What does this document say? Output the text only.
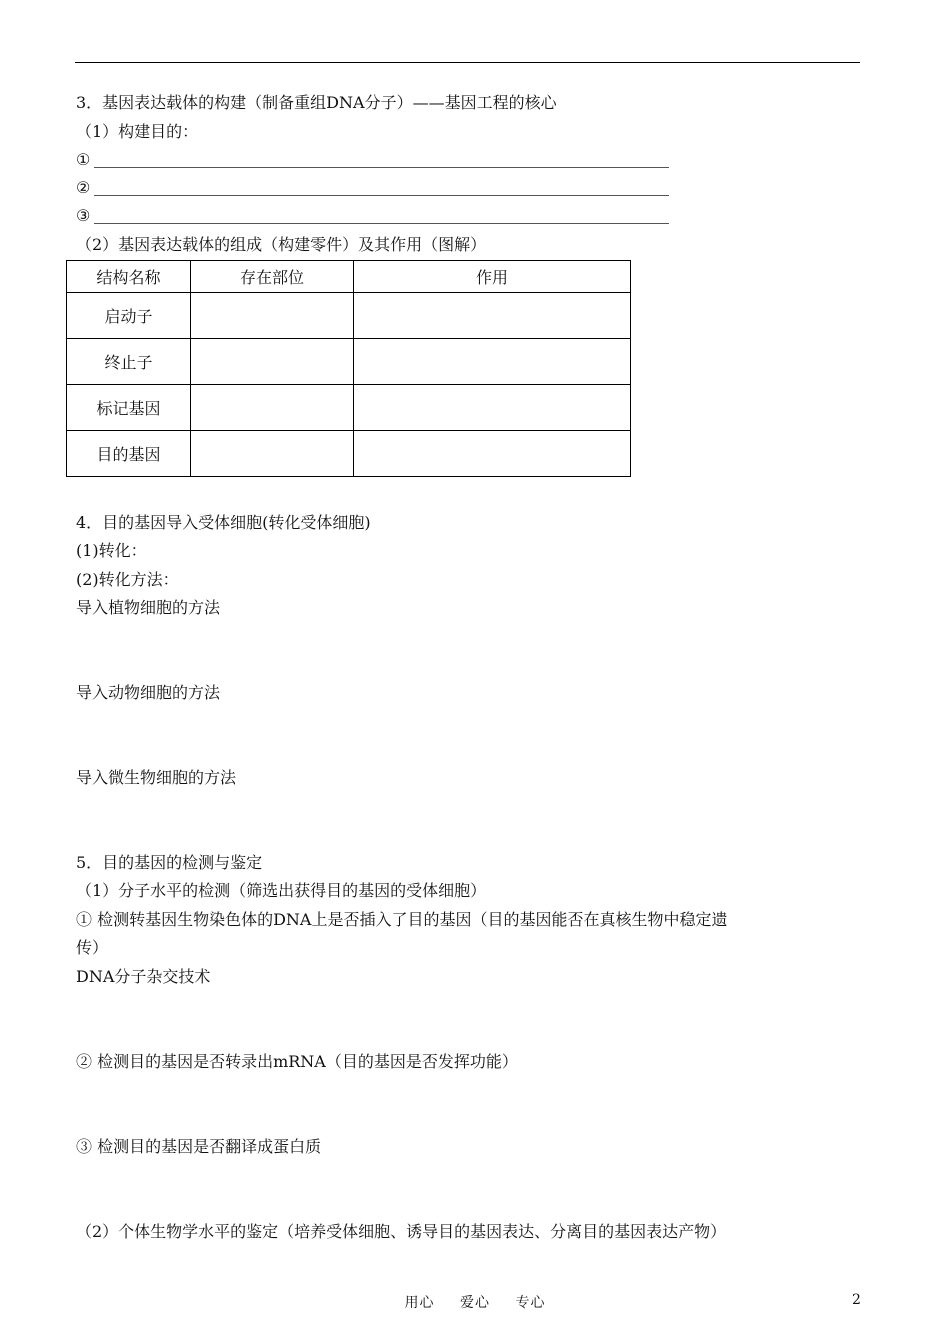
3．基因表达载体的构建（制备重组DNA分子）——基因工程的核心
（1）构建目的：
①
②
③
（2）基因表达载体的组成（构建零件）及其作用（图解）
结构名称	存在部位	作用
启动子		
终止子		
标记基因		
目的基因		
4．目的基因导入受体细胞(转化受体细胞)
(1)转化：
(2)转化方法：
导入植物细胞的方法
导入动物细胞的方法
导入微生物细胞的方法
5．目的基因的检测与鉴定
（1）分子水平的检测（筛选出获得目的基因的受体细胞）
① 检测转基因生物染色体的DNA上是否插入了目的基因（目的基因能否在真核生物中稳定遗
传）
DNA分子杂交技术
② 检测目的基因是否转录出mRNA（目的基因是否发挥功能）
③ 检测目的基因是否翻译成蛋白质
（2）个体生物学水平的鉴定（培养受体细胞、诱导目的基因表达、分离目的基因表达产物）
用心 爱心 专心	2
